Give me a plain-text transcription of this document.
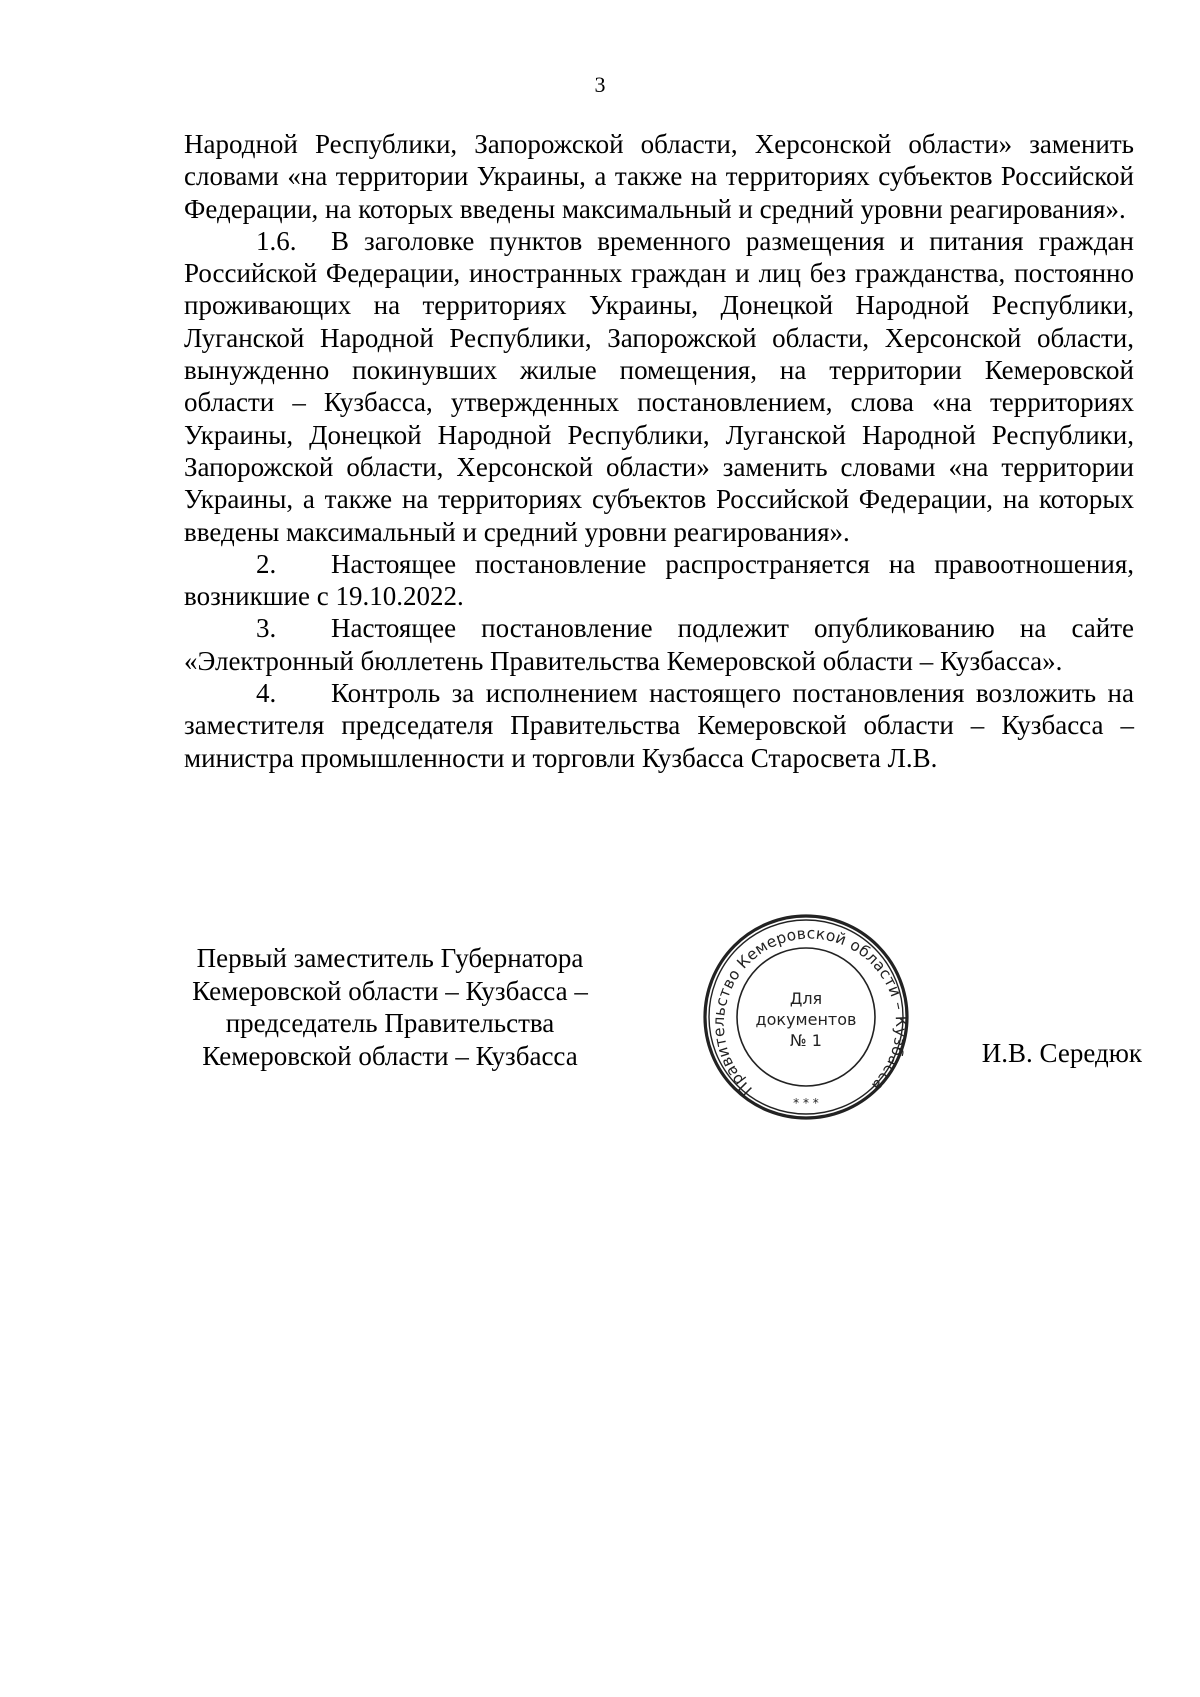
3

Народной Республики, Запорожской области, Херсонской области» заменить словами «на территории Украины, а также на территориях субъектов Российской Федерации, на которых введены максимальный и средний уровни реагирования».

1.6. В заголовке пунктов временного размещения и питания граждан Российской Федерации, иностранных граждан и лиц без гражданства, постоянно проживающих на территориях Украины, Донецкой Народной Республики, Луганской Народной Республики, Запорожской области, Херсонской области, вынужденно покинувших жилые помещения, на территории Кемеровской области – Кузбасса, утвержденных постановлением, слова «на территориях Украины, Донецкой Народной Республики, Луганской Народной Республики, Запорожской области, Херсонской области» заменить словами «на территории Украины, а также на территориях субъектов Российской Федерации, на которых введены максимальный и средний уровни реагирования».

2. Настоящее постановление распространяется на правоотношения, возникшие с 19.10.2022.

3. Настоящее постановление подлежит опубликованию на сайте «Электронный бюллетень Правительства Кемеровской области – Кузбасса».

4. Контроль за исполнением настоящего постановления возложить на заместителя председателя Правительства Кемеровской области – Кузбасса – министра промышленности и торговли Кузбасса Старосвета Л.В.

Первый заместитель Губернатора
Кемеровской области – Кузбасса –
председатель Правительства
Кемеровской области – Кузбасса
Правительство Кемеровской области – Кузбасса
* * *
Для
документов
№ 1	И.В. Середюк
